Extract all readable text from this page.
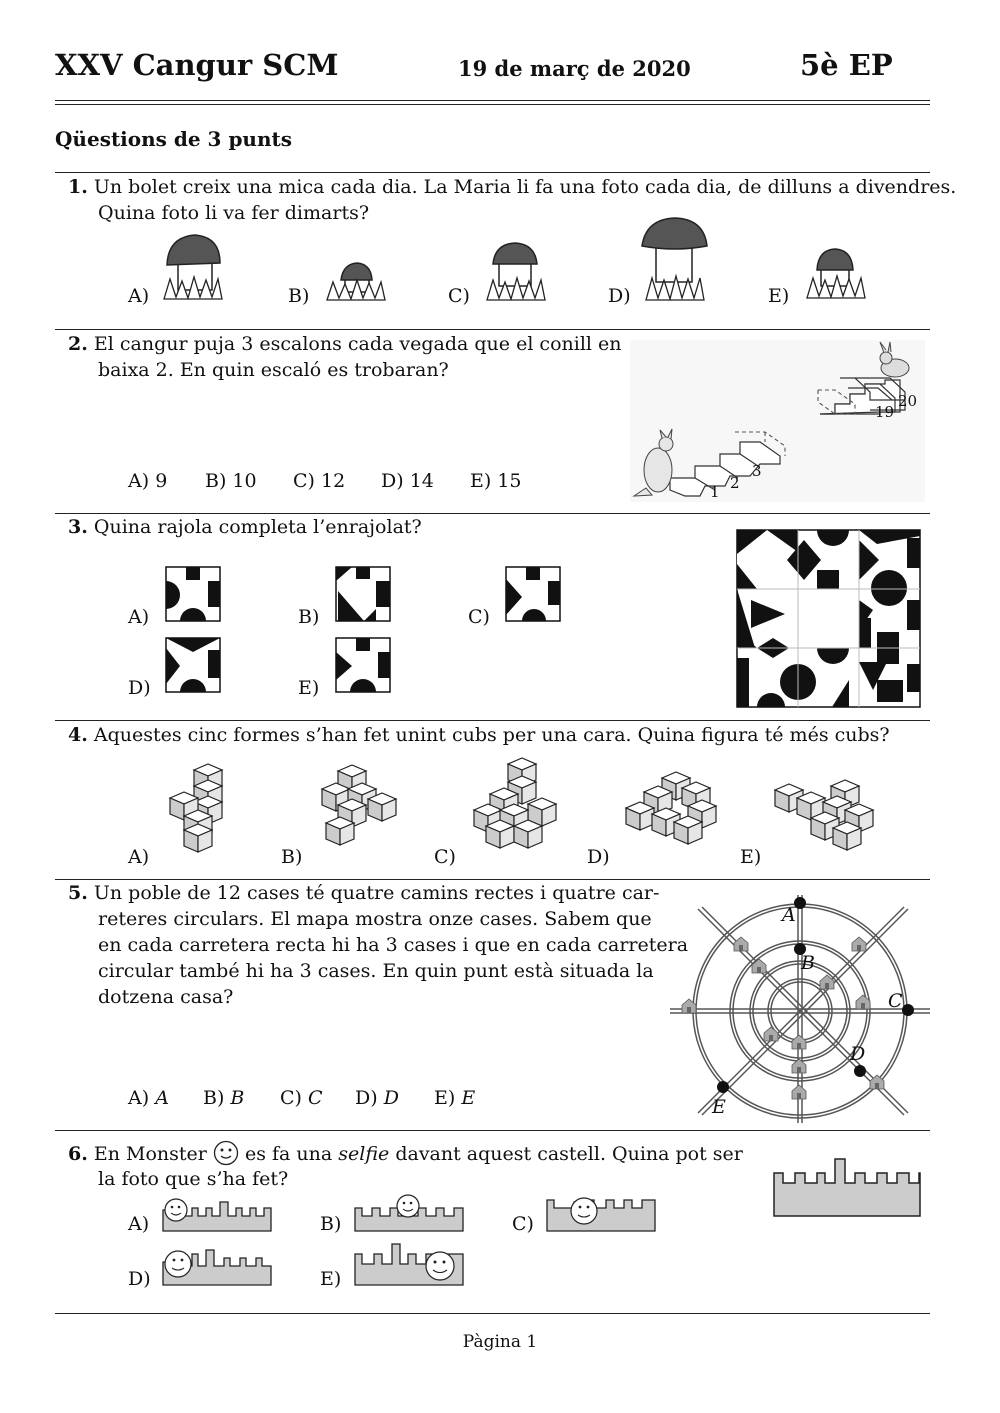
XXV Cangur SCM	19 de març de 2020	5è EP
Qüestions de 3 punts
1. Un bolet creix una mica cada dia. La Maria li fa una foto cada dia, de dilluns a divendres.
Quina foto li va fer dimarts?
A)	B)	C)	D)	E)
2. El cangur puja 3 escalons cada vegada que el conill en
baixa 2. En quin escaló es trobaran?
A) 9 B) 10 C) 12 D) 14 E) 15
19
20
1 2
3
3. Quina rajola completa l’enrajolat?
A)	B)	C)
D)	E)
4. Aquestes cinc formes s’han fet unint cubs per una cara. Quina figura té més cubs?
A)	B)	C)	D)	E)
5. Un poble de 12 cases té quatre camins rectes i quatre car-
reteres circulars. El mapa mostra onze cases. Sabem que
en cada carretera recta hi ha 3 cases i que en cada carretera
circular també hi ha 3 cases. En quin punt està situada la
dotzena casa?
A) A B) B C) C D) D E) E
A
B
C
D
E
6. En Monster es fa una selfie davant aquest castell. Quina pot ser
la foto que s’ha fet?
A)	B)	C)
D)	E)
Pàgina 1
